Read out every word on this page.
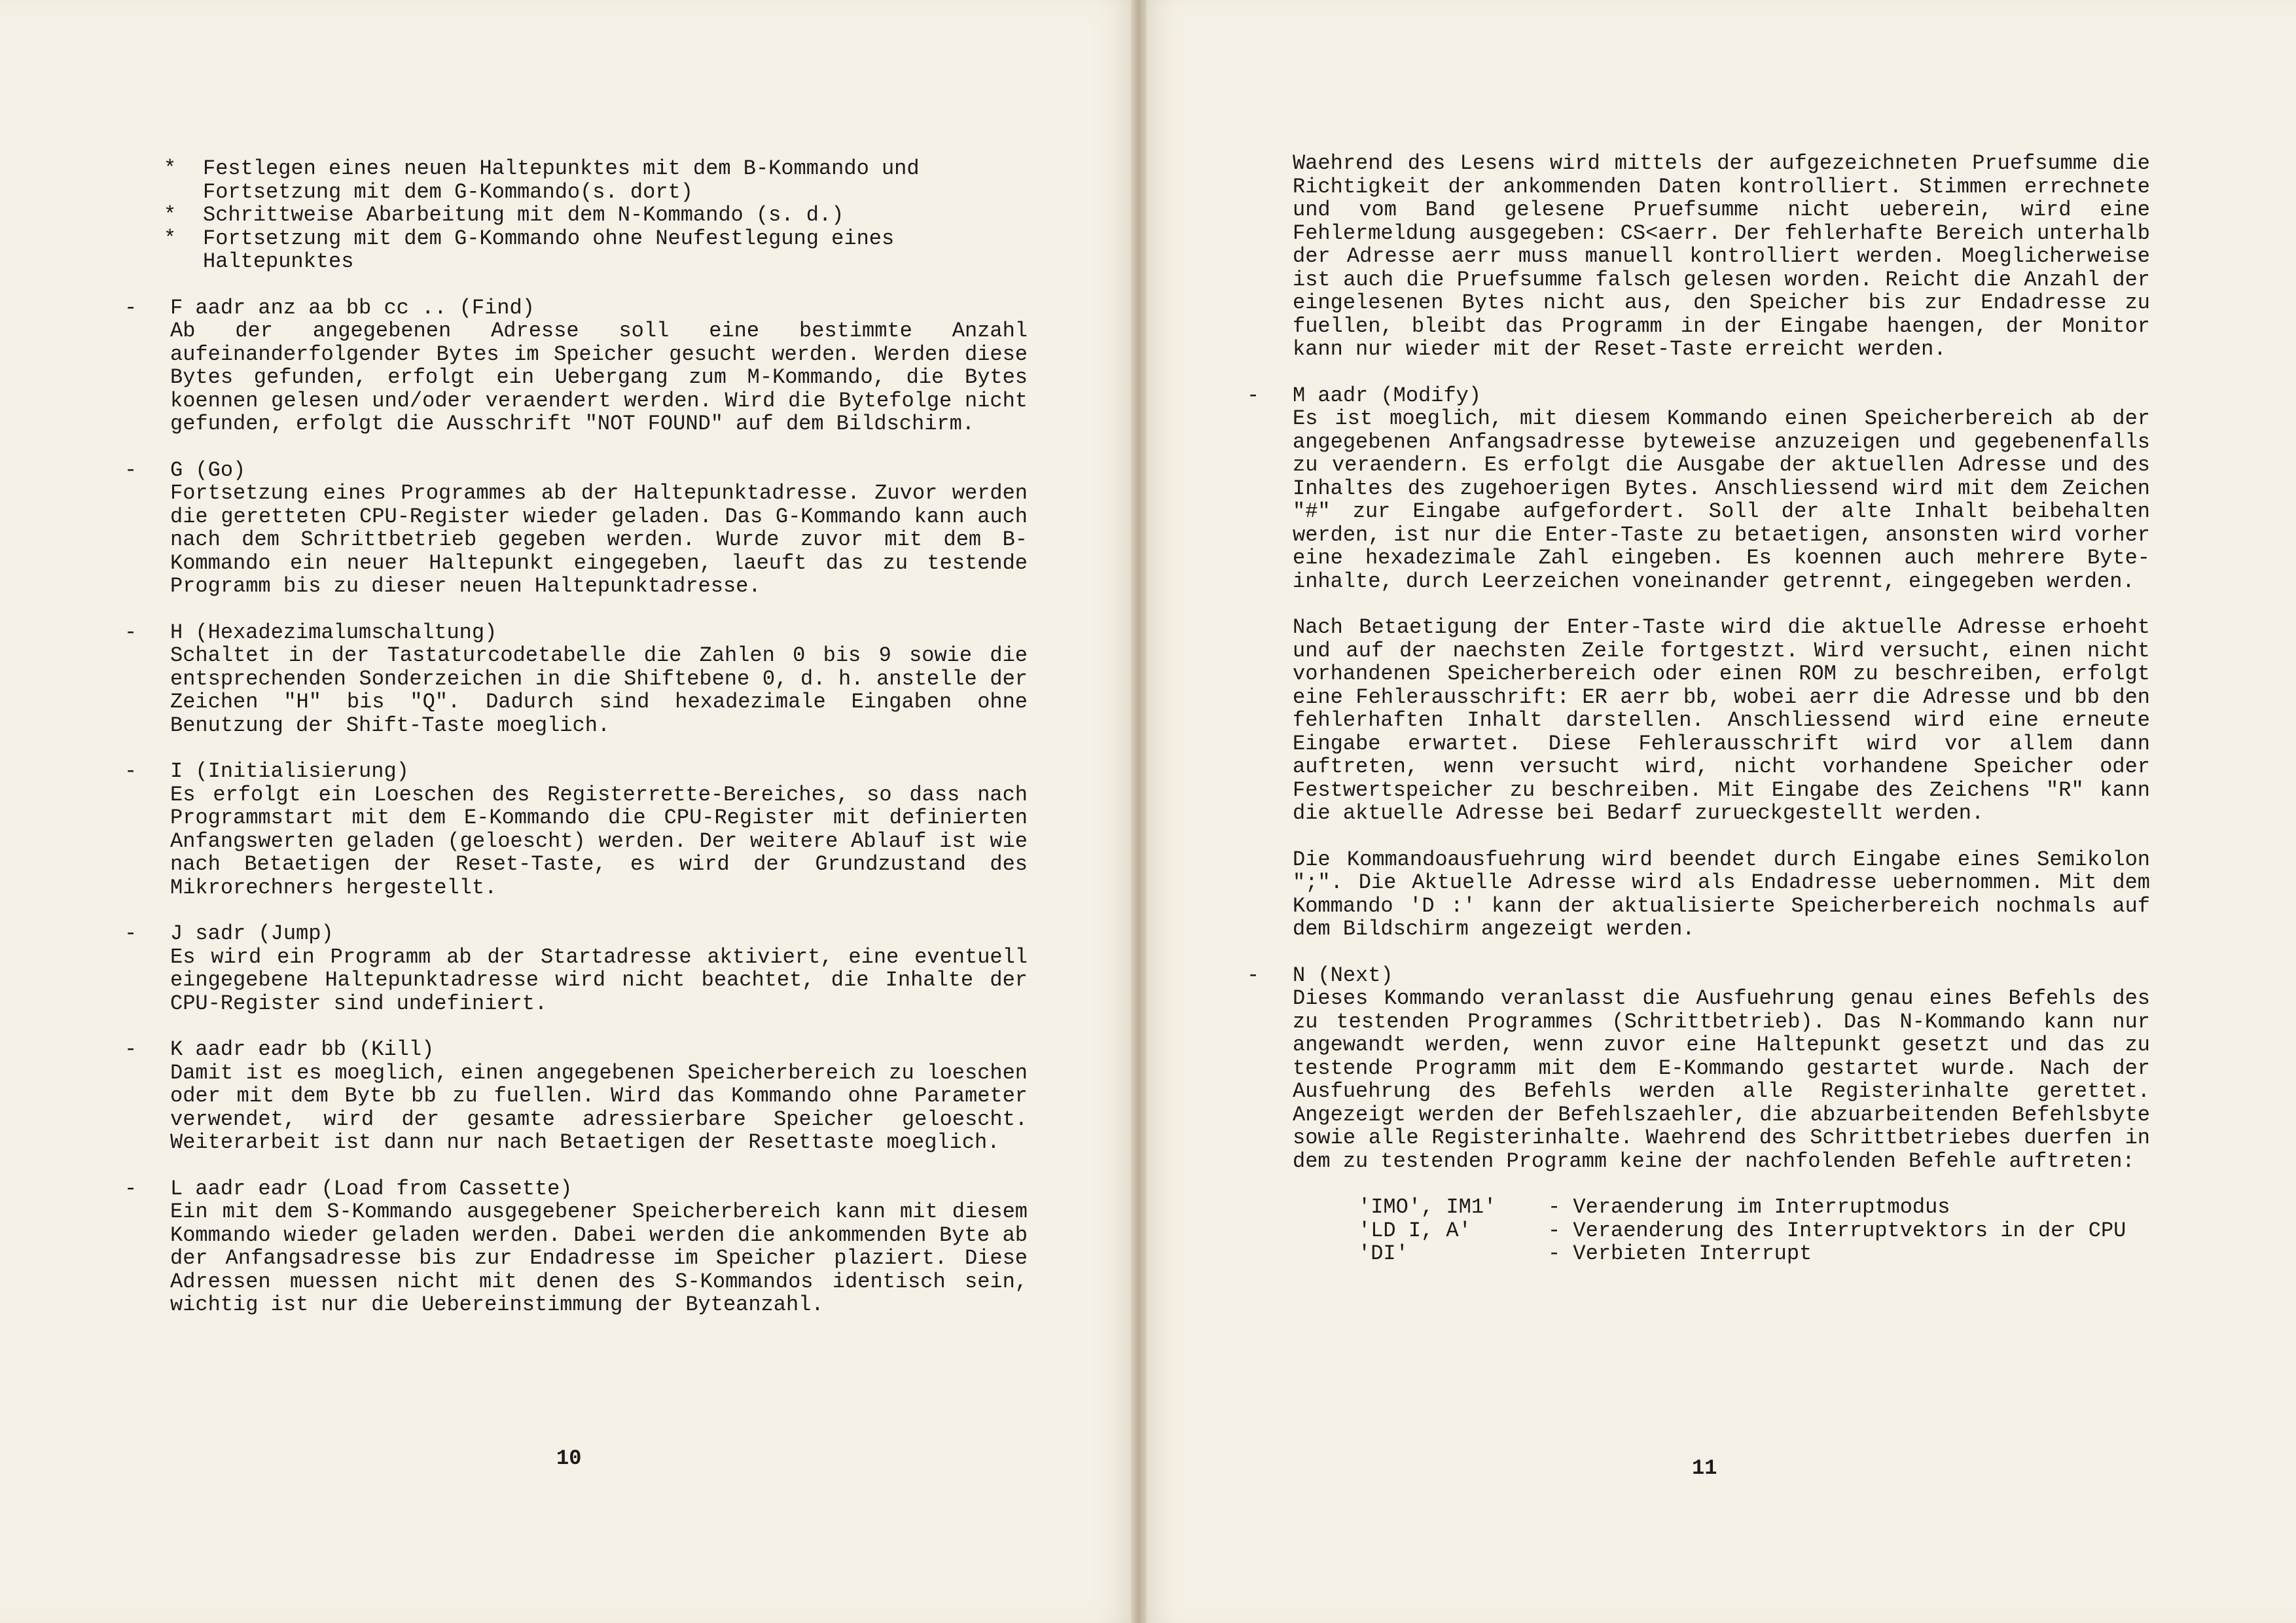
*	Festlegen eines neuen Haltepunktes mit dem B-Kommando und Fortsetzung mit dem G-Kommando(s. dort)
*	Schrittweise Abarbeitung mit dem N-Kommando (s. d.)
*	Fortsetzung mit dem G-Kommando ohne Neufestlegung eines Haltepunktes
-	F aadr anz aa bb cc .. (Find)
Ab der angegebenen Adresse soll eine bestimmte Anzahl aufeinanderfolgender Bytes im Speicher gesucht werden. Werden diese Bytes gefunden, erfolgt ein Uebergang zum M-Kommando, die Bytes koennen gelesen und/oder veraendert werden. Wird die Bytefolge nicht gefunden, erfolgt die Ausschrift "NOT FOUND" auf dem Bildschirm.
-	G (Go)
Fortsetzung eines Programmes ab der Haltepunktadresse. Zuvor werden die geretteten CPU-Register wieder geladen. Das G-Kommando kann auch nach dem Schrittbetrieb gegeben werden. Wurde zuvor mit dem B-Kommando ein neuer Haltepunkt eingegeben, laeuft das zu testende Programm bis zu dieser neuen Haltepunktadresse.
-	H (Hexadezimalumschaltung)
Schaltet in der Tastaturcodetabelle die Zahlen 0 bis 9 sowie die entsprechenden Sonderzeichen in die Shiftebene 0, d. h. anstelle der Zeichen "H" bis "Q". Dadurch sind hexadezimale Eingaben ohne Benutzung der Shift-Taste moeglich.
-	I (Initialisierung)
Es erfolgt ein Loeschen des Registerrette-Bereiches, so dass nach Programmstart mit dem E-Kommando die CPU-Register mit definierten Anfangswerten geladen (geloescht) werden. Der weitere Ablauf ist wie nach Betaetigen der Reset-Taste, es wird der Grundzustand des Mikrorechners hergestellt.
-	J sadr (Jump)
Es wird ein Programm ab der Startadresse aktiviert, eine eventuell eingegebene Haltepunktadresse wird nicht beachtet, die Inhalte der CPU-Register sind undefiniert.
-	K aadr eadr bb (Kill)
Damit ist es moeglich, einen angegebenen Speicherbereich zu loeschen oder mit dem Byte bb zu fuellen. Wird das Kommando ohne Parameter verwendet, wird der gesamte adressierbare Speicher geloescht. Weiterarbeit ist dann nur nach Betaetigen der Resettaste moeglich.
-	L aadr eadr (Load from Cassette)
Ein mit dem S-Kommando ausgegebener Speicherbereich kann mit diesem Kommando wieder geladen werden. Dabei werden die ankommenden Byte ab der Anfangsadresse bis zur Endadresse im Speicher plaziert. Diese Adressen muessen nicht mit denen des S-Kommandos identisch sein, wichtig ist nur die Uebereinstimmung der Byteanzahl.
10
Waehrend des Lesens wird mittels der aufgezeichneten Pruefsumme die Richtigkeit der ankommenden Daten kontrolliert. Stimmen errechnete und vom Band gelesene Pruefsumme nicht ueberein, wird eine Fehlermeldung ausgegeben: CS<aerr. Der fehlerhafte Bereich unterhalb der Adresse aerr muss manuell kontrolliert werden. Moeglicherweise ist auch die Pruefsumme falsch gelesen worden. Reicht die Anzahl der eingelesenen Bytes nicht aus, den Speicher bis zur Endadresse zu fuellen, bleibt das Programm in der Eingabe haengen, der Monitor kann nur wieder mit der Reset-Taste erreicht werden.
-	M aadr (Modify)
Es ist moeglich, mit diesem Kommando einen Speicherbereich ab der angegebenen Anfangsadresse byteweise anzuzeigen und gegebenenfalls zu veraendern. Es erfolgt die Ausgabe der aktuellen Adresse und des Inhaltes des zugehoerigen Bytes. Anschliessend wird mit dem Zeichen "#" zur Eingabe aufgefordert. Soll der alte Inhalt beibehalten werden, ist nur die Enter-Taste zu betaetigen, ansonsten wird vorher eine hexadezimale Zahl eingeben. Es koennen auch mehrere Byte-inhalte, durch Leerzeichen voneinander getrennt, eingegeben werden.
Nach Betaetigung der Enter-Taste wird die aktuelle Adresse erhoeht und auf der naechsten Zeile fortgestzt. Wird versucht, einen nicht vorhandenen Speicherbereich oder einen ROM zu beschreiben, erfolgt eine Fehlerausschrift: ER aerr bb, wobei aerr die Adresse und bb den fehlerhaften Inhalt darstellen. Anschliessend wird eine erneute Eingabe erwartet. Diese Fehlerausschrift wird vor allem dann auftreten, wenn versucht wird, nicht vorhandene Speicher oder Festwertspeicher zu beschreiben. Mit Eingabe des Zeichens "R" kann die aktuelle Adresse bei Bedarf zurueckgestellt werden.
Die Kommandoausfuehrung wird beendet durch Eingabe eines Semikolon ";". Die Aktuelle Adresse wird als Endadresse uebernommen. Mit dem Kommando 'D :' kann der aktualisierte Speicherbereich nochmals auf dem Bildschirm angezeigt werden.
-	N (Next)
Dieses Kommando veranlasst die Ausfuehrung genau eines Befehls des zu testenden Programmes (Schrittbetrieb). Das N-Kommando kann nur angewandt werden, wenn zuvor eine Haltepunkt gesetzt und das zu testende Programm mit dem E-Kommando gestartet wurde. Nach der Ausfuehrung des Befehls werden alle Registerinhalte gerettet. Angezeigt werden der Befehlszaehler, die abzuarbeitenden Befehlsbyte sowie alle Registerinhalte. Waehrend des Schrittbetriebes duerfen in dem zu testenden Programm keine der nachfolenden Befehle auftreten:
'IMO', IM1'	- Veraenderung im Interruptmodus
'LD I, A'	- Veraenderung des Interruptvektors in der CPU
'DI'	- Verbieten Interrupt
11
